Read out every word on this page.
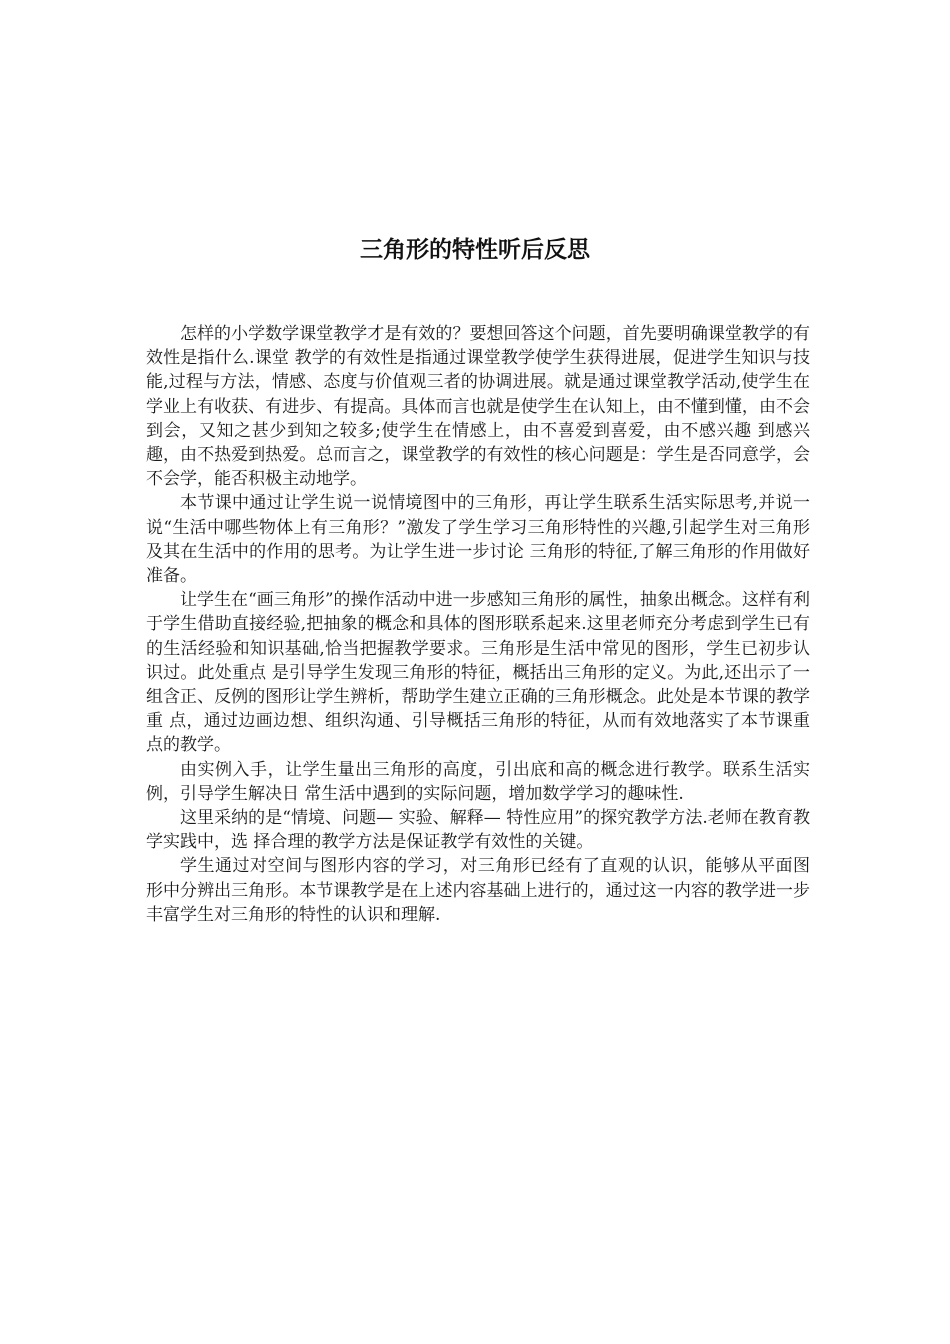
三角形的特性听后反思

怎样的小学数学课堂教学才是有效的？要想回答这个问题，首先要明确课堂教学的有效性是指什么.课堂 教学的有效性是指通过课堂教学使学生获得进展，促进学生知识与技能,过程与方法，情感、态度与价值观三者的协调进展。就是通过课堂教学活动,使学生在学业上有收获、有进步、有提高。具体而言也就是使学生在认知上，由不懂到懂，由不会到会，又知之甚少到知之较多;使学生在情感上，由不喜爱到喜爱，由不感兴趣 到感兴趣，由不热爱到热爱。总而言之，课堂教学的有效性的核心问题是：学生是否同意学，会不会学，能否积极主动地学。

本节课中通过让学生说一说情境图中的三角形，再让学生联系生活实际思考,并说一说“生活中哪些物体上有三角形？”激发了学生学习三角形特性的兴趣,引起学生对三角形及其在生活中的作用的思考。为让学生进一步讨论 三角形的特征,了解三角形的作用做好准备。

让学生在“画三角形”的操作活动中进一步感知三角形的属性，抽象出概念。这样有利于学生借助直接经验,把抽象的概念和具体的图形联系起来.这里老师充分考虑到学生已有的生活经验和知识基础,恰当把握教学要求。三角形是生活中常见的图形，学生已初步认识过。此处重点 是引导学生发现三角形的特征，概括出三角形的定义。为此,还出示了一组含正、反例的图形让学生辨析，帮助学生建立正确的三角形概念。此处是本节课的教学重 点，通过边画边想、组织沟通、引导概括三角形的特征，从而有效地落实了本节课重点的教学。

由实例入手，让学生量出三角形的高度，引出底和高的概念进行教学。联系生活实例，引导学生解决日 常生活中遇到的实际问题，增加数学学习的趣味性.

这里采纳的是“情境、问题— 实验、解释— 特性应用”的探究教学方法.老师在教育教学实践中，选 择合理的教学方法是保证教学有效性的关键。

学生通过对空间与图形内容的学习，对三角形已经有了直观的认识，能够从平面图 形中分辨出三角形。本节课教学是在上述内容基础上进行的，通过这一内容的教学进一步丰富学生对三角形的特性的认识和理解.
